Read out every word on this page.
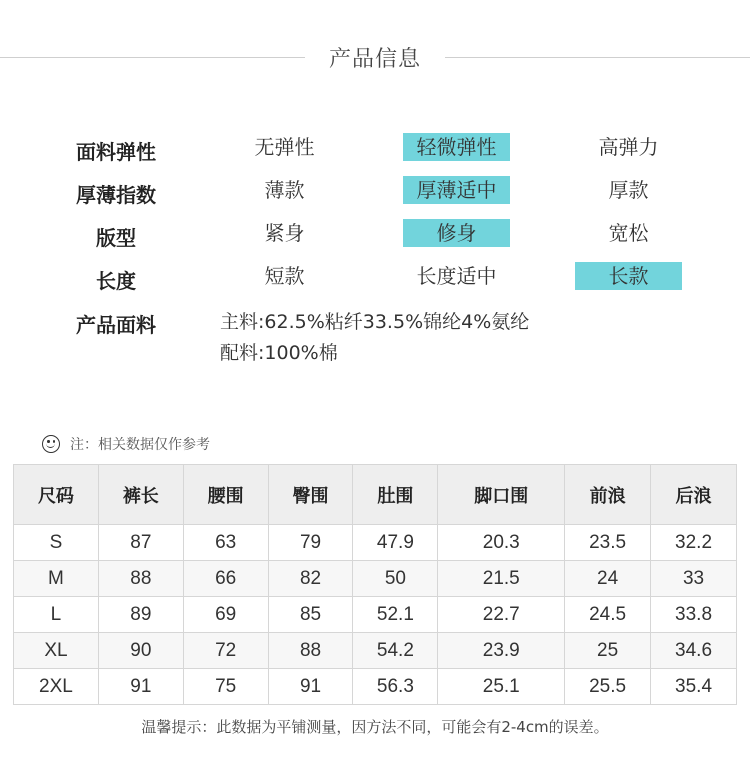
产品信息
面料弹性	无弹性	轻微弹性	高弹力
厚薄指数	薄款	厚薄适中	厚款
版型	紧身	修身	宽松
长度	短款	长度适中	长款
产品面料	主料:62.5%粘纤33.5%锦纶4%氨纶
配料:100%棉
注：相关数据仅作参考
尺码	裤长	腰围	臀围	肚围	脚口围	前浪	后浪
S	87	63	79	47.9	20.3	23.5	32.2
M	88	66	82	50	21.5	24	33
L	89	69	85	52.1	22.7	24.5	33.8
XL	90	72	88	54.2	23.9	25	34.6
2XL	91	75	91	56.3	25.1	25.5	35.4
温馨提示：此数据为平铺测量，因方法不同，可能会有2-4cm的误差。
